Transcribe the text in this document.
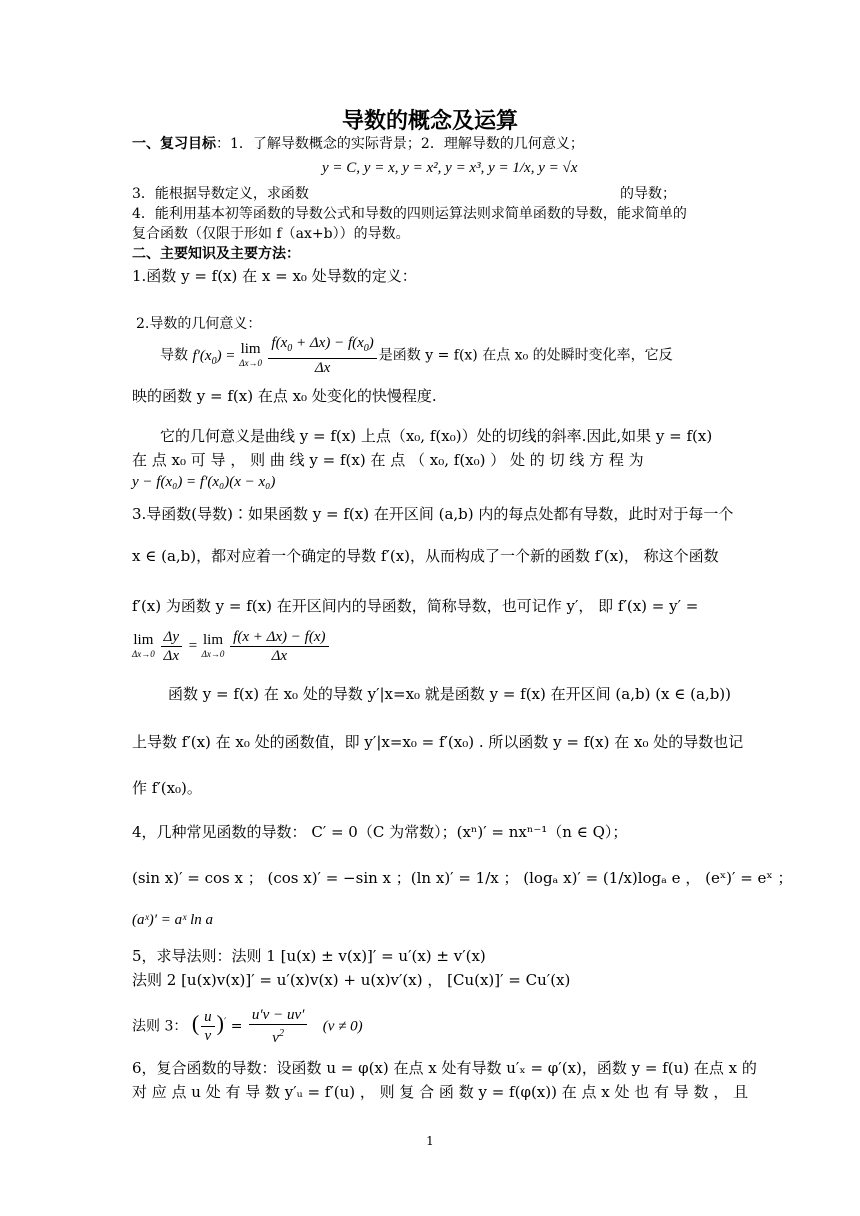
导数的概念及运算
一、复习目标：1．了解导数概念的实际背景；2．理解导数的几何意义；
y = C, y = x, y = x², y = x³, y = 1/x, y = √x
3．能根据导数定义，求函数	的导数；
4．能利用基本初等函数的导数公式和导数的四则运算法则求简单函数的导数，能求简单的
复合函数（仅限于形如 f（ax+b））的导数。
二、主要知识及主要方法：
1.函数 y = f(x) 在 x = x₀ 处导数的定义：
2.导数的几何意义：
导数 $f'(x_0) = \lim$
Δx→0
$\frac{f(x_0 + \Delta x) - f(x_0)}{\Delta x}$ 是函数 y = f(x) 在点 x₀ 的处瞬时变化率，它反
映的函数 y = f(x) 在点 x₀ 处变化的快慢程度.
它的几何意义是曲线 y = f(x) 上点（x₀, f(x₀)）处的切线的斜率.因此,如果 y = f(x)
在 点 x₀ 可 导 ， 则 曲 线 y = f(x) 在 点 （ x₀, f(x₀) ） 处 的 切 线 方 程 为
y − f(x₀) = f′(x₀)(x − x₀)
3.导函数(导数)∶如果函数 y = f(x) 在开区间 (a,b) 内的每点处都有导数，此时对于每一个
x ∈ (a,b)，都对应着一个确定的导数 f′(x)，从而构成了一个新的函数 f′(x)， 称这个函数
f′(x) 为函数 y = f(x) 在开区间内的导函数，简称导数，也可记作 y′， 即 f′(x) = y′ =
lim
Δx→0
$\frac{\Delta y}{\Delta x} = \lim$
Δx→0
$\frac{f(x + \Delta x) - f(x)}{\Delta x}$
函数 y = f(x) 在 x₀ 处的导数 y′|x=x₀ 就是函数 y = f(x) 在开区间 (a,b) (x ∈ (a,b))
上导数 f′(x) 在 x₀ 处的函数值，即 y′|x=x₀ = f′(x₀) . 所以函数 y = f(x) 在 x₀ 处的导数也记
作 f′(x₀)。
4，几种常见函数的导数： C′ = 0（C 为常数）；(xⁿ)′ = nxⁿ⁻¹（n ∈ Q）；
(sin x)′ = cos x ； (cos x)′ = −sin x ；(ln x)′ = 1/x ； (logₐ x)′ = (1/x)logₐ e ， (eˣ)′ = eˣ ；
(aˣ)′ = aˣ ln a
5，求导法则：法则 1 [u(x) ± v(x)]′ = u′(x) ± v′(x)
法则 2 [u(x)v(x)]′ = u′(x)v(x) + u(x)v′(x) ， [Cu(x)]′ = Cu′(x)
法则 3： ( $\frac{u}{v} )' = \frac{u'v - uv'}{v^2} (v \ne 0)$
6，复合函数的导数：设函数 u = φ(x) 在点 x 处有导数 u′ₓ = φ′(x)，函数 y = f(u) 在点 x 的
对 应 点 u 处 有 导 数 y′ᵤ = f′(u) ， 则 复 合 函 数 y = f(φ(x)) 在 点 x 处 也 有 导 数 ， 且
1
